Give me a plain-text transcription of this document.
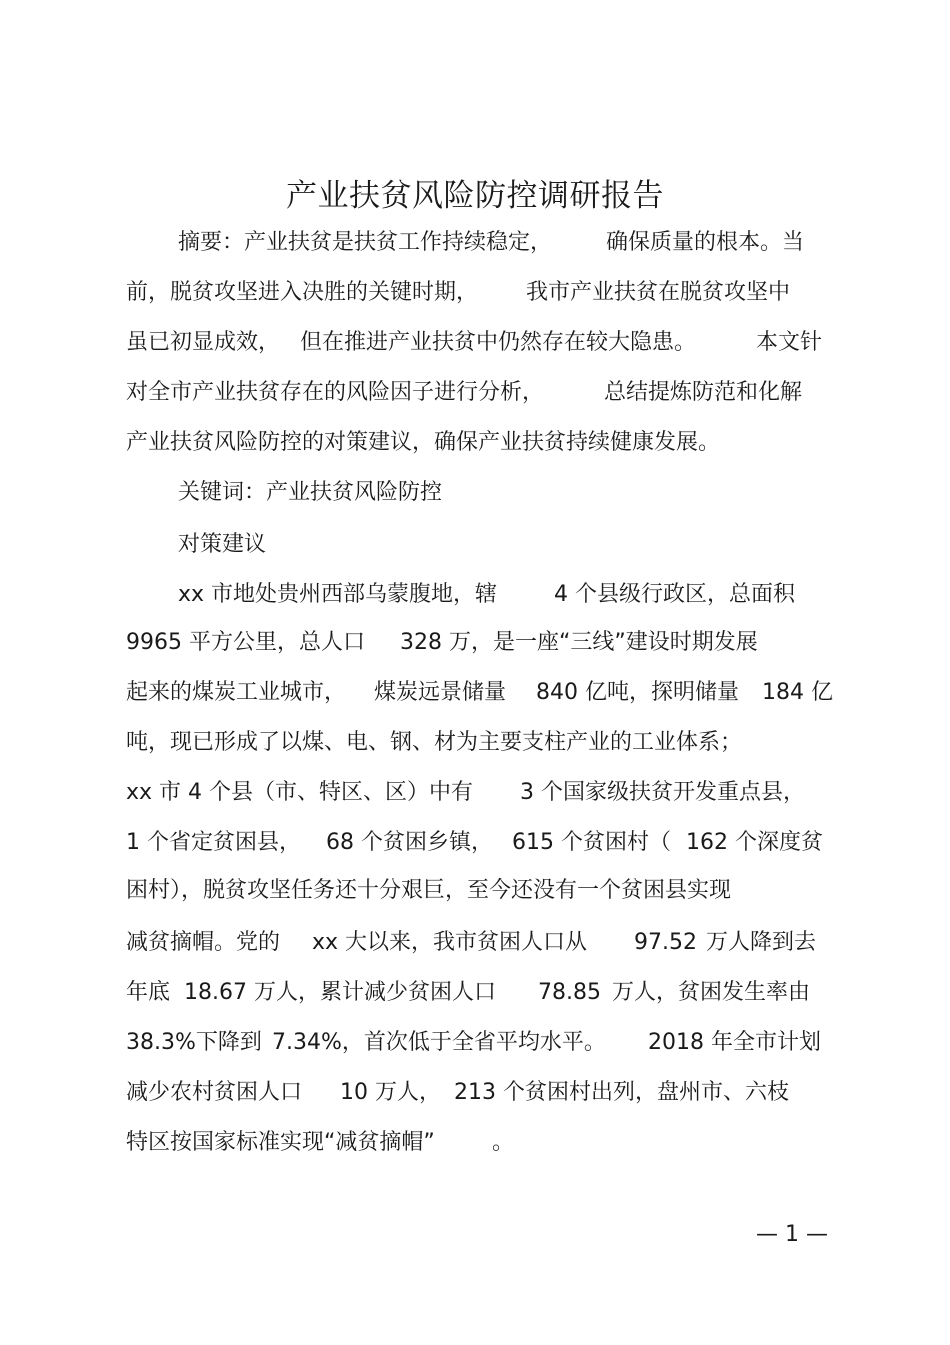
产业扶贫风险防控调研报告
摘要：产业扶贫是扶贫工作持续稳定， 确保质量的根本。当
前，脱贫攻坚进入决胜的关键时期， 我市产业扶贫在脱贫攻坚中
虽已初显成效， 但在推进产业扶贫中仍然存在较大隐患。	本文针
对全市产业扶贫存在的风险因子进行分析，	总结提炼防范和化解
产业扶贫风险防控的对策建议，确保产业扶贫持续健康发展。
关键词：产业扶贫风险防控
对策建议
xx 市地处贵州西部乌蒙腹地，辖	4 个县级行政区，总面积
9965 平方公里，总人口 328 万，是一座“三线”建设时期发展
起来的煤炭工业城市， 煤炭远景储量 840 亿吨，探明储量 184 亿
吨，现已形成了以煤、电、钢、材为主要支柱产业的工业体系；
xx 市 4 个县（市、特区、区）中有 3 个国家级扶贫开发重点县，
1 个省定贫困县， 68 个贫困乡镇， 615 个贫困村（ 162 个深度贫
困村），脱贫攻坚任务还十分艰巨，至今还没有一个贫困县实现
减贫摘帽。党的 xx 大以来，我市贫困人口从 97.52 万人降到去
年底 18.67 万人，累计减少贫困人口 78.85 万人，贫困发生率由
38.3%下降到 7.34%，首次低于全省平均水平。 2018 年全市计划
减少农村贫困人口 10 万人， 213 个贫困村出列，盘州市、六枝
特区按国家标准实现“减贫摘帽”	。
— 1 —
